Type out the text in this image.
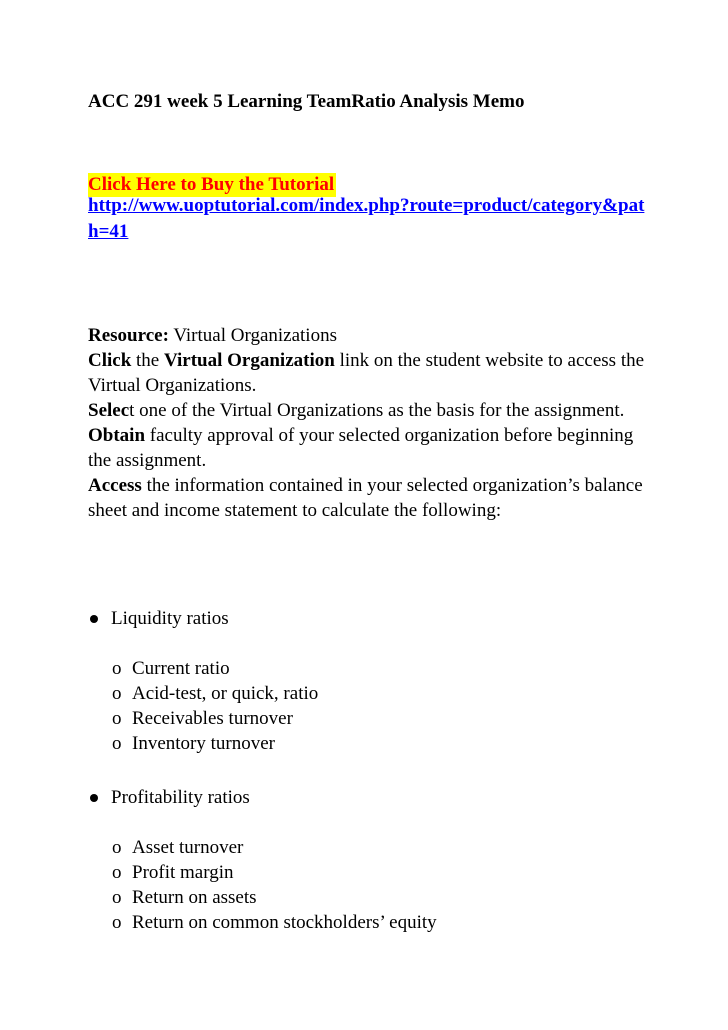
ACC 291 week 5 Learning TeamRatio Analysis Memo
Click Here to Buy the Tutorial
http://www.uoptutorial.com/index.php?route=product/category&path=41

Resource: Virtual Organizations

Click the Virtual Organization link on the student website to access the Virtual Organizations.

Select one of the Virtual Organizations as the basis for the assignment.

Obtain faculty approval of your selected organization before beginning the assignment.

Access the information contained in your selected organization’s balance sheet and income statement to calculate the following:

Liquidity ratios
o Current ratio
o Acid-test, or quick, ratio
o Receivables turnover
o Inventory turnover
Profitability ratios
o Asset turnover
o Profit margin
o Return on assets
o Return on common stockholders’ equity
